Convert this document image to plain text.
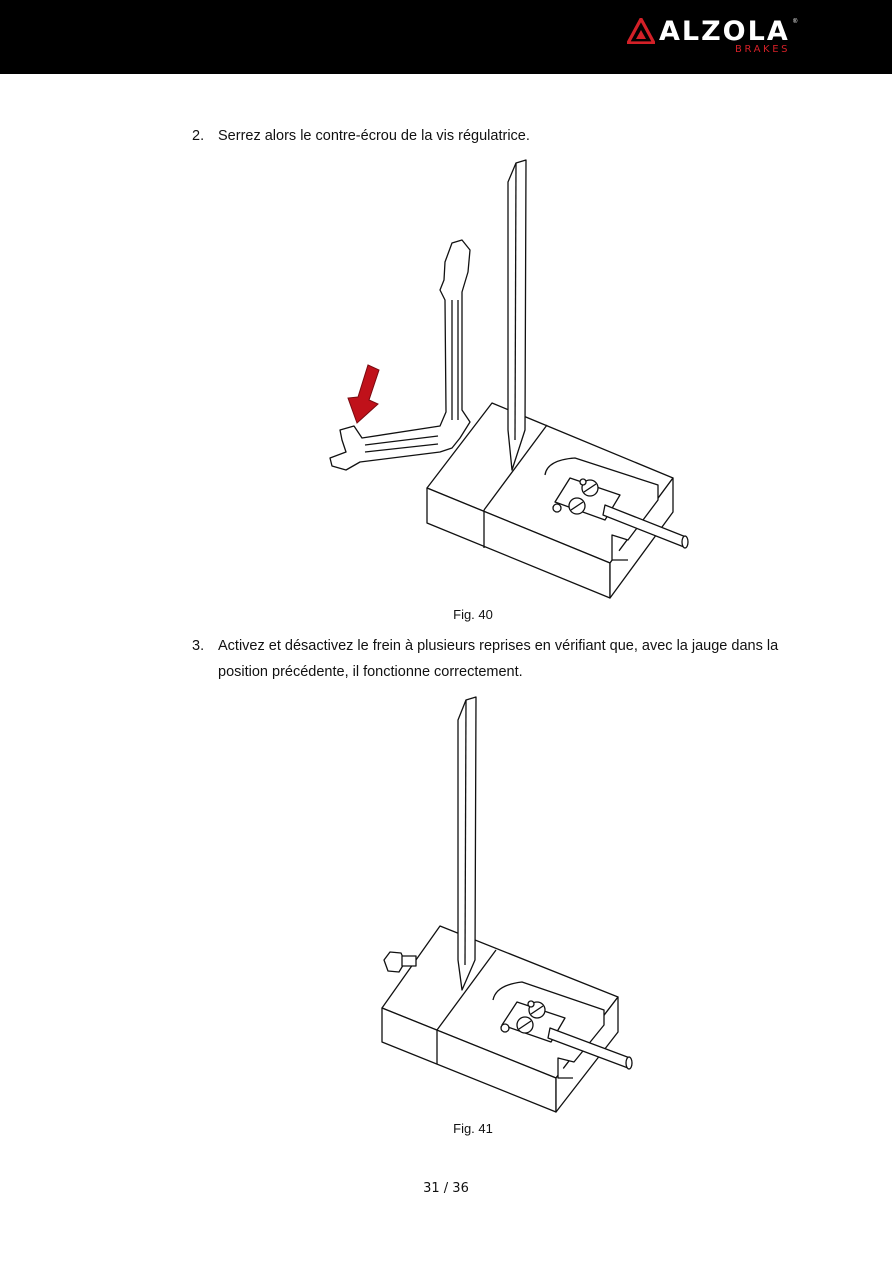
ALZOLA ®
BRAKES
2. Serrez alors le contre-écrou de la vis régulatrice.
Fig. 40
3. Activez et désactivez le frein à plusieurs reprises en vérifiant que, avec la jauge dans la position précédente, il fonctionne correctement.
Fig. 41
31 / 36
